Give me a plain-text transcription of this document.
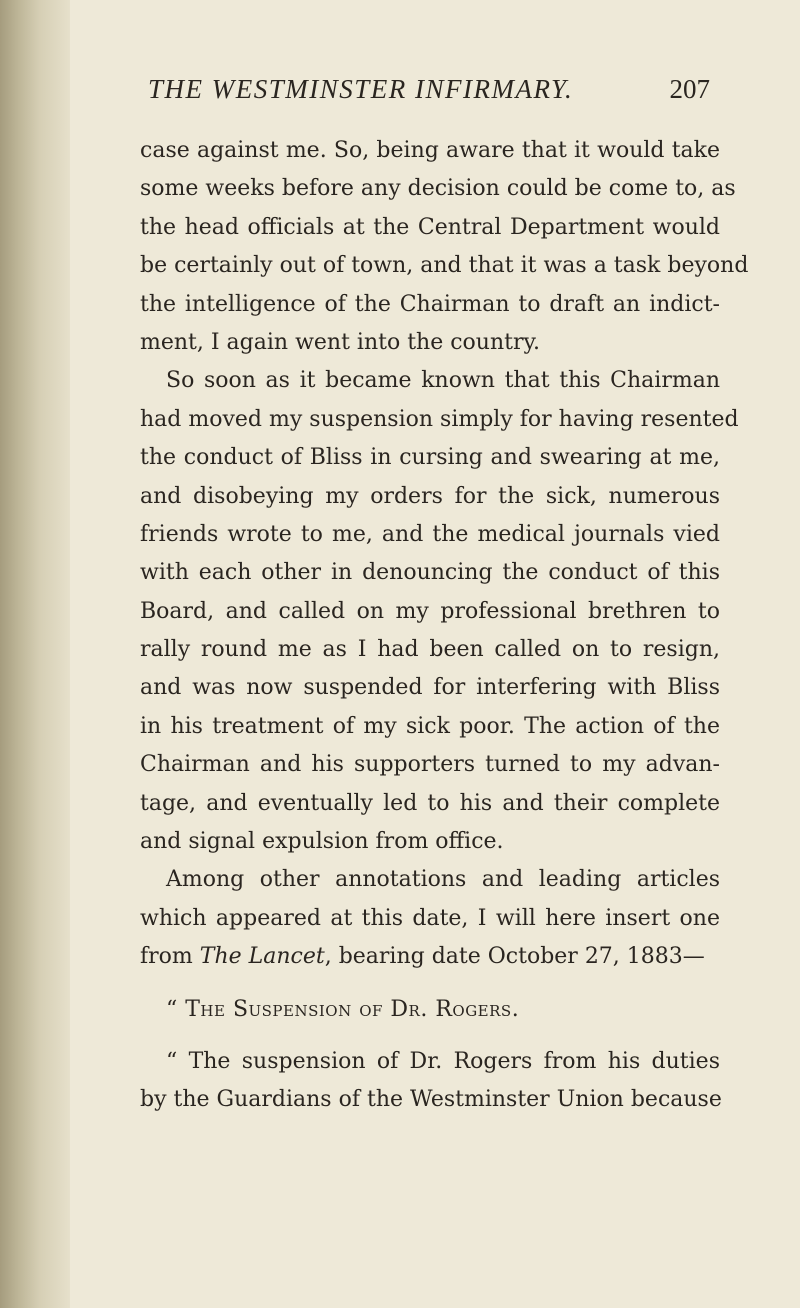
THE WESTMINSTER INFIRMARY.	207
case against me. So, being aware that it would take
some weeks before any decision could be come to, as
the head officials at the Central Department would
be certainly out of town, and that it was a task beyond
the intelligence of the Chairman to draft an indict-
ment, I again went into the country.
So soon as it became known that this Chairman
had moved my suspension simply for having resented
the conduct of Bliss in cursing and swearing at me,
and disobeying my orders for the sick, numerous
friends wrote to me, and the medical journals vied
with each other in denouncing the conduct of this
Board, and called on my professional brethren to
rally round me as I had been called on to resign,
and was now suspended for interfering with Bliss
in his treatment of my sick poor. The action of the
Chairman and his supporters turned to my advan-
tage, and eventually led to his and their complete
and signal expulsion from office.
Among other annotations and leading articles
which appeared at this date, I will here insert one
from The Lancet, bearing date October 27, 1883—
“ The Suspension of Dr. Rogers.
“ The suspension of Dr. Rogers from his duties
by the Guardians of the Westminster Union because
